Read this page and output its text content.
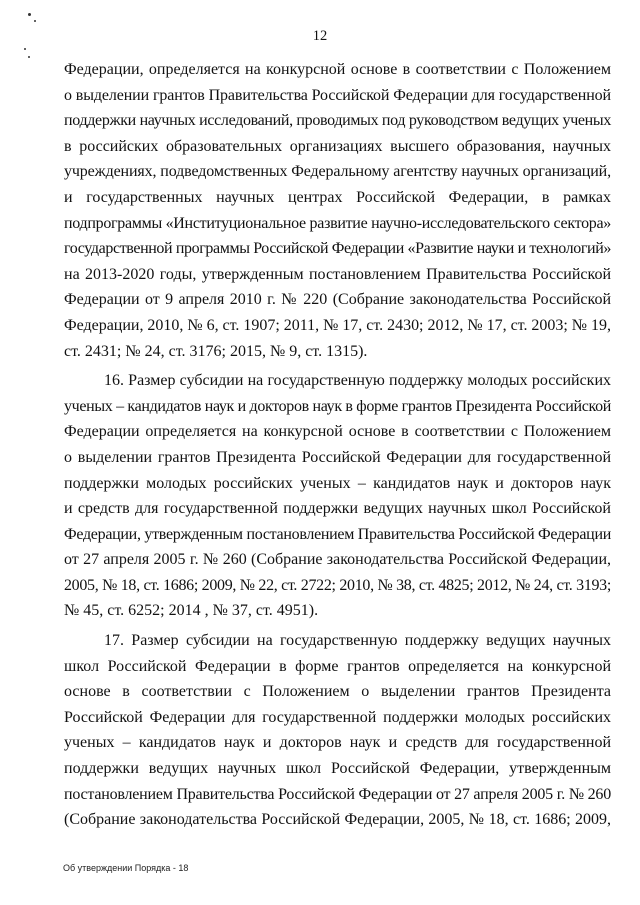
12
Федерации, определяется на конкурсной основе в соответствии с Положением
о выделении грантов Правительства Российской Федерации для государственной
поддержки научных исследований, проводимых под руководством ведущих ученых
в российских образовательных организациях высшего образования, научных
учреждениях, подведомственных Федеральному агентству научных организаций,
и государственных научных центрах Российской Федерации, в рамках
подпрограммы «Институциональное развитие научно-исследовательского сектора»
государственной программы Российской Федерации «Развитие науки и технологий»
на 2013-2020 годы, утвержденным постановлением Правительства Российской
Федерации от 9 апреля 2010 г. № 220 (Собрание законодательства Российской
Федерации, 2010, № 6, ст. 1907; 2011, № 17, ст. 2430; 2012, № 17, ст. 2003; № 19,
ст. 2431; № 24, ст. 3176; 2015, № 9, ст. 1315).
16. Размер субсидии на государственную поддержку молодых российских
ученых – кандидатов наук и докторов наук в форме грантов Президента Российской
Федерации определяется на конкурсной основе в соответствии с Положением
о выделении грантов Президента Российской Федерации для государственной
поддержки молодых российских ученых – кандидатов наук и докторов наук
и средств для государственной поддержки ведущих научных школ Российской
Федерации, утвержденным постановлением Правительства Российской Федерации
от 27 апреля 2005 г. № 260 (Собрание законодательства Российской Федерации,
2005, № 18, ст. 1686; 2009, № 22, ст. 2722; 2010, № 38, ст. 4825; 2012, № 24, ст. 3193;
№ 45, ст. 6252; 2014 , № 37, ст. 4951).
17. Размер субсидии на государственную поддержку ведущих научных
школ Российской Федерации в форме грантов определяется на конкурсной
основе в соответствии с Положением о выделении грантов Президента
Российской Федерации для государственной поддержки молодых российских
ученых – кандидатов наук и докторов наук и средств для государственной
поддержки ведущих научных школ Российской Федерации, утвержденным
постановлением Правительства Российской Федерации от 27 апреля 2005 г. № 260
(Собрание законодательства Российской Федерации, 2005, № 18, ст. 1686; 2009,
Об утверждении Порядка - 18
